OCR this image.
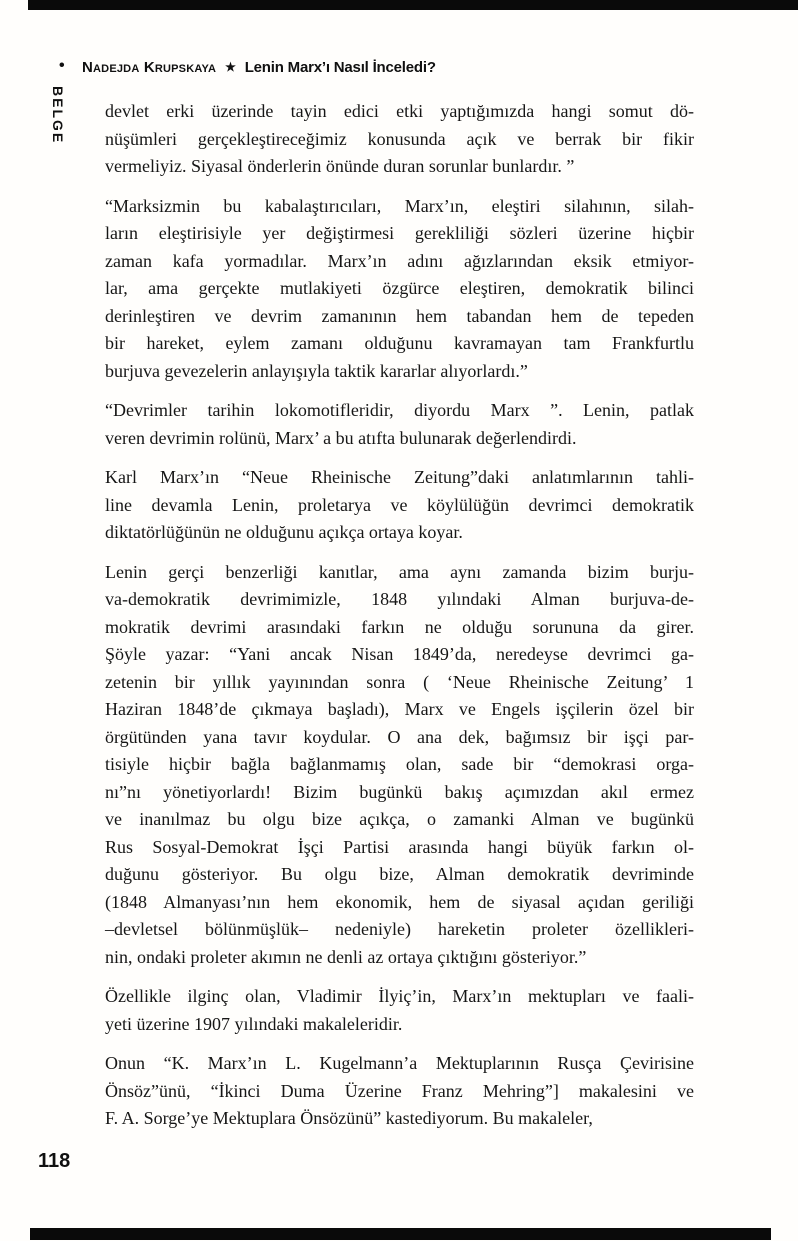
•
BELGE
Nadejda Krupskaya ★ Lenin Marx’ı Nasıl İnceledi?
devlet erki üzerinde tayin edici etki yaptığımızda hangi somut dö-
nüşümleri gerçekleştireceğimiz konusunda açık ve berrak bir fikir
vermeliyiz. Siyasal önderlerin önünde duran sorunlar bunlardır. ”
“Marksizmin bu kabalaştırıcıları, Marx’ın, eleştiri silahının, silah-
ların eleştirisiyle yer değiştirmesi gerekliliği sözleri üzerine hiçbir
zaman kafa yormadılar. Marx’ın adını ağızlarından eksik etmiyor-
lar, ama gerçekte mutlakiyeti özgürce eleştiren, demokratik bilinci
derinleştiren ve devrim zamanının hem tabandan hem de tepeden
bir hareket, eylem zamanı olduğunu kavramayan tam Frankfurtlu
burjuva gevezelerin anlayışıyla taktik kararlar alıyorlardı.”
“Devrimler tarihin lokomotifleridir, diyordu Marx ”. Lenin, patlak
veren devrimin rolünü, Marx’ a bu atıfta bulunarak değerlendirdi.
Karl Marx’ın “Neue Rheinische Zeitung”daki anlatımlarının tahli-
line devamla Lenin, proletarya ve köylülüğün devrimci demokratik
diktatörlüğünün ne olduğunu açıkça ortaya koyar.
Lenin gerçi benzerliği kanıtlar, ama aynı zamanda bizim burju-
va-demokratik devrimimizle, 1848 yılındaki Alman burjuva-de-
mokratik devrimi arasındaki farkın ne olduğu sorununa da girer.
Şöyle yazar: “Yani ancak Nisan 1849’da, neredeyse devrimci ga-
zetenin bir yıllık yayınından sonra ( ‘Neue Rheinische Zeitung’ 1
Haziran 1848’de çıkmaya başladı), Marx ve Engels işçilerin özel bir
örgütünden yana tavır koydular. O ana dek, bağımsız bir işçi par-
tisiyle hiçbir bağla bağlanmamış olan, sade bir “demokrasi orga-
nı”nı yönetiyorlardı! Bizim bugünkü bakış açımızdan akıl ermez
ve inanılmaz bu olgu bize açıkça, o zamanki Alman ve bugünkü
Rus Sosyal-Demokrat İşçi Partisi arasında hangi büyük farkın ol-
duğunu gösteriyor. Bu olgu bize, Alman demokratik devriminde
(1848 Almanyası’nın hem ekonomik, hem de siyasal açıdan geriliği
–devletsel bölünmüşlük– nedeniyle) hareketin proleter özellikleri-
nin, ondaki proleter akımın ne denli az ortaya çıktığını gösteriyor.”
Özellikle ilginç olan, Vladimir İlyiç’in, Marx’ın mektupları ve faali-
yeti üzerine 1907 yılındaki makaleleridir.
Onun “K. Marx’ın L. Kugelmann’a Mektuplarının Rusça Çevirisine
Önsöz”ünü, “İkinci Duma Üzerine Franz Mehring”] makalesini ve
F. A. Sorge’ye Mektuplara Önsözünü” kastediyorum. Bu makaleler,
118
